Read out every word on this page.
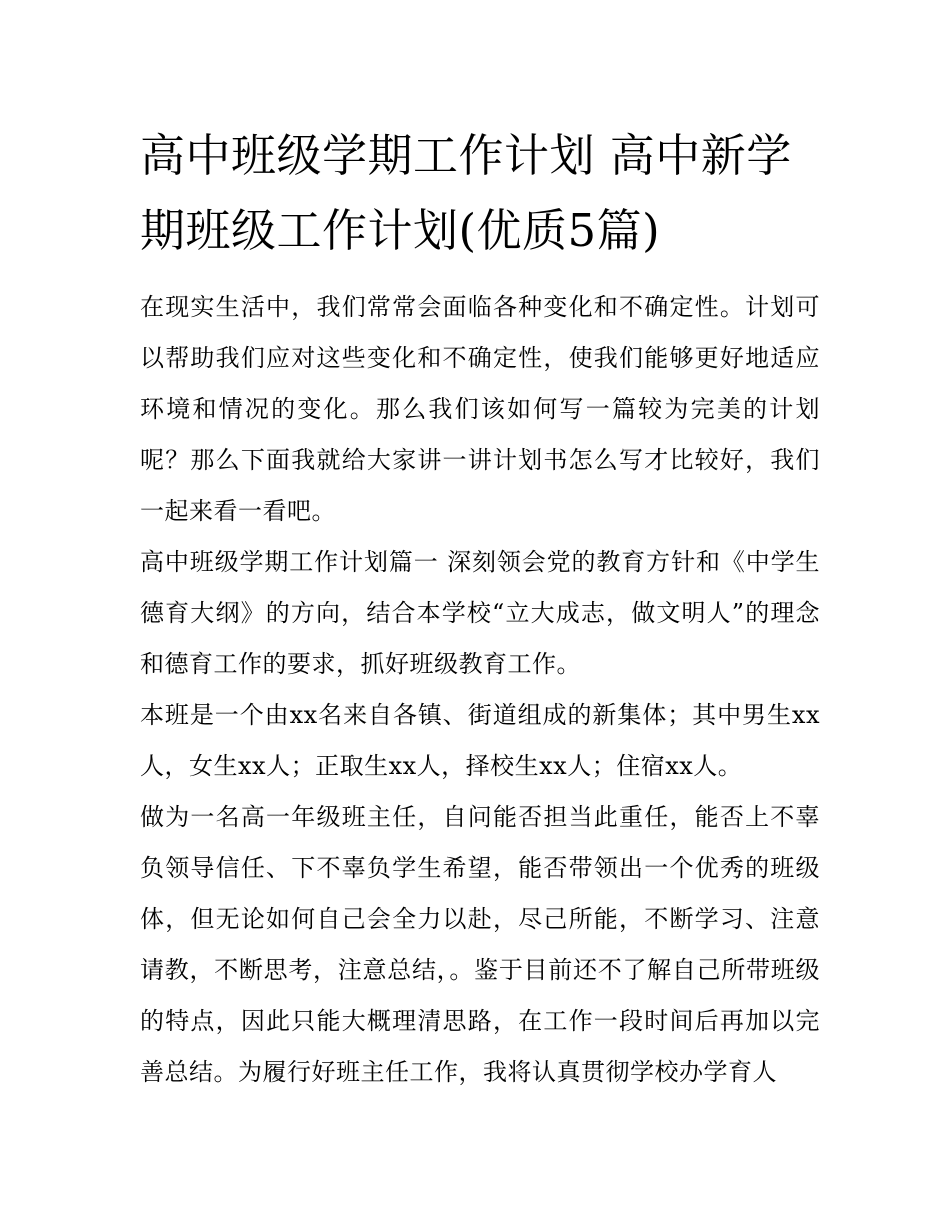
高中班级学期工作计划 高中新学期班级工作计划(优质5篇)

在现实生活中，我们常常会面临各种变化和不确定性。计划可以帮助我们应对这些变化和不确定性，使我们能够更好地适应环境和情况的变化。那么我们该如何写一篇较为完美的计划呢？那么下面我就给大家讲一讲计划书怎么写才比较好，我们一起来看一看吧。

高中班级学期工作计划篇一 深刻领会党的教育方针和《中学生德育大纲》的方向，结合本学校“立大成志，做文明人”的理念和德育工作的要求，抓好班级教育工作。

本班是一个由xx名来自各镇、街道组成的新集体；其中男生xx人，女生xx人；正取生xx人，择校生xx人；住宿xx人。

做为一名高一年级班主任，自问能否担当此重任，能否上不辜负领导信任、下不辜负学生希望，能否带领出一个优秀的班级体，但无论如何自己会全力以赴，尽己所能，不断学习、注意请教，不断思考，注意总结，。鉴于目前还不了解自己所带班级的特点，因此只能大概理清思路，在工作一段时间后再加以完善总结。为履行好班主任工作，我将认真贯彻学校办学育人
